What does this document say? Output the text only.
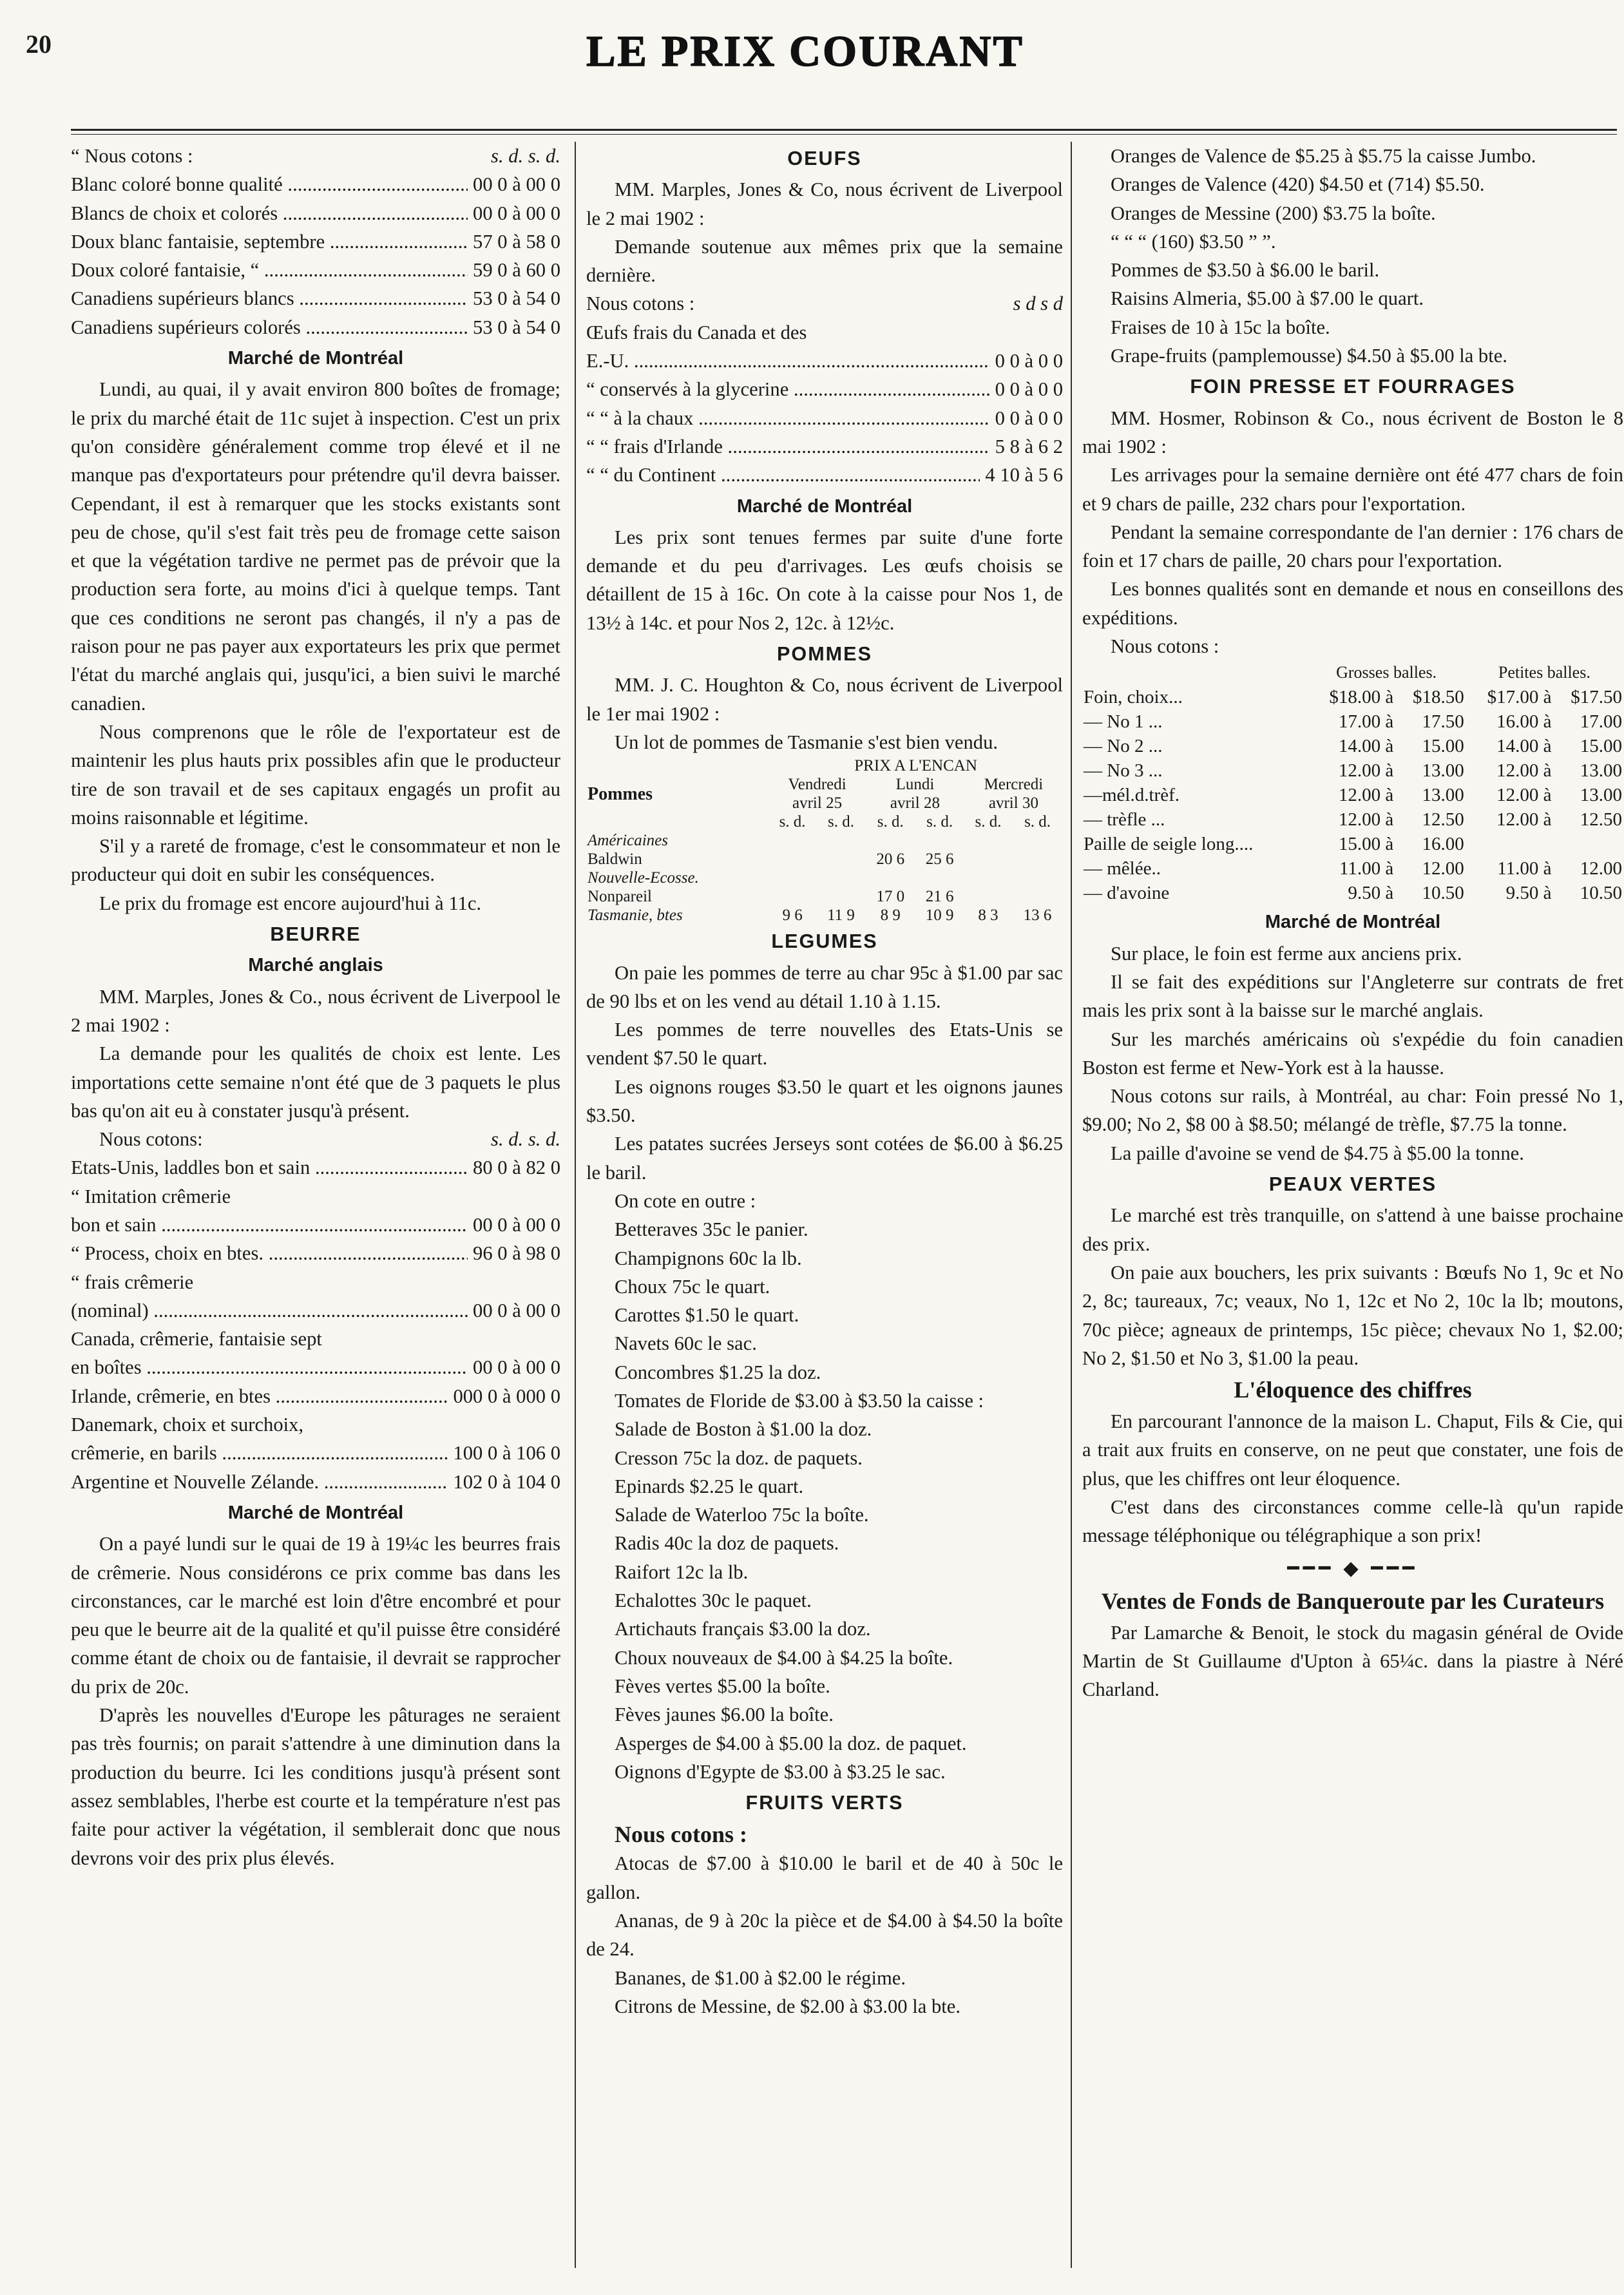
20	LE PRIX COURANT
“ Nous cotons :	s. d. s. d.
Blanc coloré bonne qualité .....	00 0 à 00 0
Blancs de choix et colorés .....	00 0 à 00 0
Doux blanc fantaisie, septembre .....	57 0 à 58 0
Doux coloré fantaisie, “ .....	59 0 à 60 0
Canadiens supérieurs blancs .....	53 0 à 54 0
Canadiens supérieurs colorés .....	53 0 à 54 0
Marché de Montréal

Lundi, au quai, il y avait environ 800 boîtes de fromage; le prix du marché était de 11c sujet à inspection. C'est un prix qu'on considère généralement comme trop élevé et il ne manque pas d'exportateurs pour prétendre qu'il devra baisser. Cependant, il est à remarquer que les stocks existants sont peu de chose, qu'il s'est fait très peu de fromage cette saison et que la végétation tardive ne permet pas de prévoir que la production sera forte, au moins d'ici à quelque temps. Tant que ces conditions ne seront pas changés, il n'y a pas de raison pour ne pas payer aux exportateurs les prix que permet l'état du marché anglais qui, jusqu'ici, a bien suivi le marché canadien.

Nous comprenons que le rôle de l'exportateur est de maintenir les plus hauts prix possibles afin que le producteur tire de son travail et de ses capitaux engagés un profit au moins raisonnable et légitime.

S'il y a rareté de fromage, c'est le consommateur et non le producteur qui doit en subir les conséquences.

Le prix du fromage est encore aujourd'hui à 11c.

BEURRE
Marché anglais

MM. Marples, Jones & Co., nous écrivent de Liverpool le 2 mai 1902 :

La demande pour les qualités de choix est lente. Les importations cette semaine n'ont été que de 3 paquets le plus bas qu'on ait eu à constater jusqu'à présent.

Nous cotons:	s. d. s. d.
Etats-Unis, laddles bon et sain .....	80 0 à 82 0
“ Imitation crêmerie
bon et sain .....	00 0 à 00 0
“ Process, choix en btes. .....	96 0 à 98 0
“ frais crêmerie
(nominal) .....	00 0 à 00 0
Canada, crêmerie, fantaisie sept
en boîtes .....	00 0 à 00 0
Irlande, crêmerie, en btes .....	000 0 à 000 0
Danemark, choix et surchoix,
crêmerie, en barils .....	100 0 à 106 0
Argentine et Nouvelle Zélande. .....	102 0 à 104 0
Marché de Montréal

On a payé lundi sur le quai de 19 à 19¼c les beurres frais de crêmerie. Nous considérons ce prix comme bas dans les circonstances, car le marché est loin d'être encombré et pour peu que le beurre ait de la qualité et qu'il puisse être considéré comme étant de choix ou de fantaisie, il devrait se rapprocher du prix de 20c.

D'après les nouvelles d'Europe les pâturages ne seraient pas très fournis; on parait s'attendre à une diminution dans la production du beurre. Ici les conditions jusqu'à présent sont assez semblables, l'herbe est courte et la température n'est pas faite pour activer la végétation, il semblerait donc que nous devrons voir des prix plus élevés.

OEUFS

MM. Marples, Jones & Co, nous écrivent de Liverpool le 2 mai 1902 :

Demande soutenue aux mêmes prix que la semaine dernière.

Nous cotons :	s d s d
Œufs frais du Canada et des
E.-U. .....	0 0 à 0 0
“ conservés à la glycerine .....	0 0 à 0 0
“ “ à la chaux .....	0 0 à 0 0
“ “ frais d'Irlande .....	5 8 à 6 2
“ “ du Continent .....	4 10 à 5 6
Marché de Montréal

Les prix sont tenues fermes par suite d'une forte demande et du peu d'arrivages. Les œufs choisis se détaillent de 15 à 16c. On cote à la caisse pour Nos 1, de 13½ à 14c. et pour Nos 2, 12c. à 12½c.

POMMES

MM. J. C. Houghton & Co, nous écrivent de Liverpool le 1er mai 1902 :

Un lot de pommes de Tasmanie s'est bien vendu.

	PRIX A L'ENCAN					
Pommes	Vendredi		Lundi		Mercredi	
	avril 25		avril 28		avril 30	
	s. d.	s. d.	s. d.	s. d.	s. d.	s. d.
Américaines						
Baldwin			20 6	25 6		
Nouvelle-Ecosse.						
Nonpareil			17 0	21 6		
Tasmanie, btes	9 6	11 9	8 9	10 9	8 3	13 6
LEGUMES

On paie les pommes de terre au char 95c à $1.00 par sac de 90 lbs et on les vend au détail 1.10 à 1.15.

Les pommes de terre nouvelles des Etats-Unis se vendent $7.50 le quart.

Les oignons rouges $3.50 le quart et les oignons jaunes $3.50.

Les patates sucrées Jerseys sont cotées de $6.00 à $6.25 le baril.

On cote en outre :

Betteraves 35c le panier.

Champignons 60c la lb.

Choux 75c le quart.

Carottes $1.50 le quart.

Navets 60c le sac.

Concombres $1.25 la doz.

Tomates de Floride de $3.00 à $3.50 la caisse :

Salade de Boston à $1.00 la doz.

Cresson 75c la doz. de paquets.

Epinards $2.25 le quart.

Salade de Waterloo 75c la boîte.

Radis 40c la doz de paquets.

Raifort 12c la lb.

Echalottes 30c le paquet.

Artichauts français $3.00 la doz.

Choux nouveaux de $4.00 à $4.25 la boîte.

Fèves vertes $5.00 la boîte.

Fèves jaunes $6.00 la boîte.

Asperges de $4.00 à $5.00 la doz. de paquet.

Oignons d'Egypte de $3.00 à $3.25 le sac.

FRUITS VERTS
Nous cotons :

Atocas de $7.00 à $10.00 le baril et de 40 à 50c le gallon.

Ananas, de 9 à 20c la pièce et de $4.00 à $4.50 la boîte de 24.

Bananes, de $1.00 à $2.00 le régime.

Citrons de Messine, de $2.00 à $3.00 la bte.

Oranges de Valence de $5.25 à $5.75 la caisse Jumbo.

Oranges de Valence (420) $4.50 et (714) $5.50.

Oranges de Messine (200) $3.75 la boîte.

“ “ “ (160) $3.50 ” ”.

Pommes de $3.50 à $6.00 le baril.

Raisins Almeria, $5.00 à $7.00 le quart.

Fraises de 10 à 15c la boîte.

Grape-fruits (pamplemousse) $4.50 à $5.00 la bte.

FOIN PRESSE ET FOURRAGES

MM. Hosmer, Robinson & Co., nous écrivent de Boston le 8 mai 1902 :

Les arrivages pour la semaine dernière ont été 477 chars de foin et 9 chars de paille, 232 chars pour l'exportation.

Pendant la semaine correspondante de l'an dernier : 176 chars de foin et 17 chars de paille, 20 chars pour l'exportation.

Les bonnes qualités sont en demande et nous en conseillons des expéditions.

Nous cotons :

	Grosses balles.		Petites balles.	
Foin, choix...	$18.00 à	$18.50	$17.00 à	$17.50
— No 1 ...	17.00 à	17.50	16.00 à	17.00
— No 2 ...	14.00 à	15.00	14.00 à	15.00
— No 3 ...	12.00 à	13.00	12.00 à	13.00
—mél.d.trèf.	12.00 à	13.00	12.00 à	13.00
— trèfle ...	12.00 à	12.50	12.00 à	12.50
Paille de seigle long....	15.00 à	16.00		
— mêlée..	11.00 à	12.00	11.00 à	12.00
— d'avoine	9.50 à	10.50	9.50 à	10.50
Marché de Montréal

Sur place, le foin est ferme aux anciens prix.

Il se fait des expéditions sur l'Angleterre sur contrats de fret mais les prix sont à la baisse sur le marché anglais.

Sur les marchés américains où s'expédie du foin canadien Boston est ferme et New-York est à la hausse.

Nous cotons sur rails, à Montréal, au char: Foin pressé No 1, $9.00; No 2, $8 00 à $8.50; mélangé de trèfle, $7.75 la tonne.

La paille d'avoine se vend de $4.75 à $5.00 la tonne.

PEAUX VERTES

Le marché est très tranquille, on s'attend à une baisse prochaine des prix.

On paie aux bouchers, les prix suivants : Bœufs No 1, 9c et No 2, 8c; taureaux, 7c; veaux, No 1, 12c et No 2, 10c la lb; moutons, 70c pièce; agneaux de printemps, 15c pièce; chevaux No 1, $2.00; No 2, $1.50 et No 3, $1.00 la peau.

L'éloquence des chiffres

En parcourant l'annonce de la maison L. Chaput, Fils & Cie, qui a trait aux fruits en conserve, on ne peut que constater, une fois de plus, que les chiffres ont leur éloquence.

C'est dans des circonstances comme celle-là qu'un rapide message téléphonique ou télégraphique a son prix!

━━━ ◆ ━━━
Ventes de Fonds de Banqueroute par les Curateurs

Par Lamarche & Benoit, le stock du magasin général de Ovide Martin de St Guillaume d'Upton à 65¼c. dans la piastre à Néré Charland.
